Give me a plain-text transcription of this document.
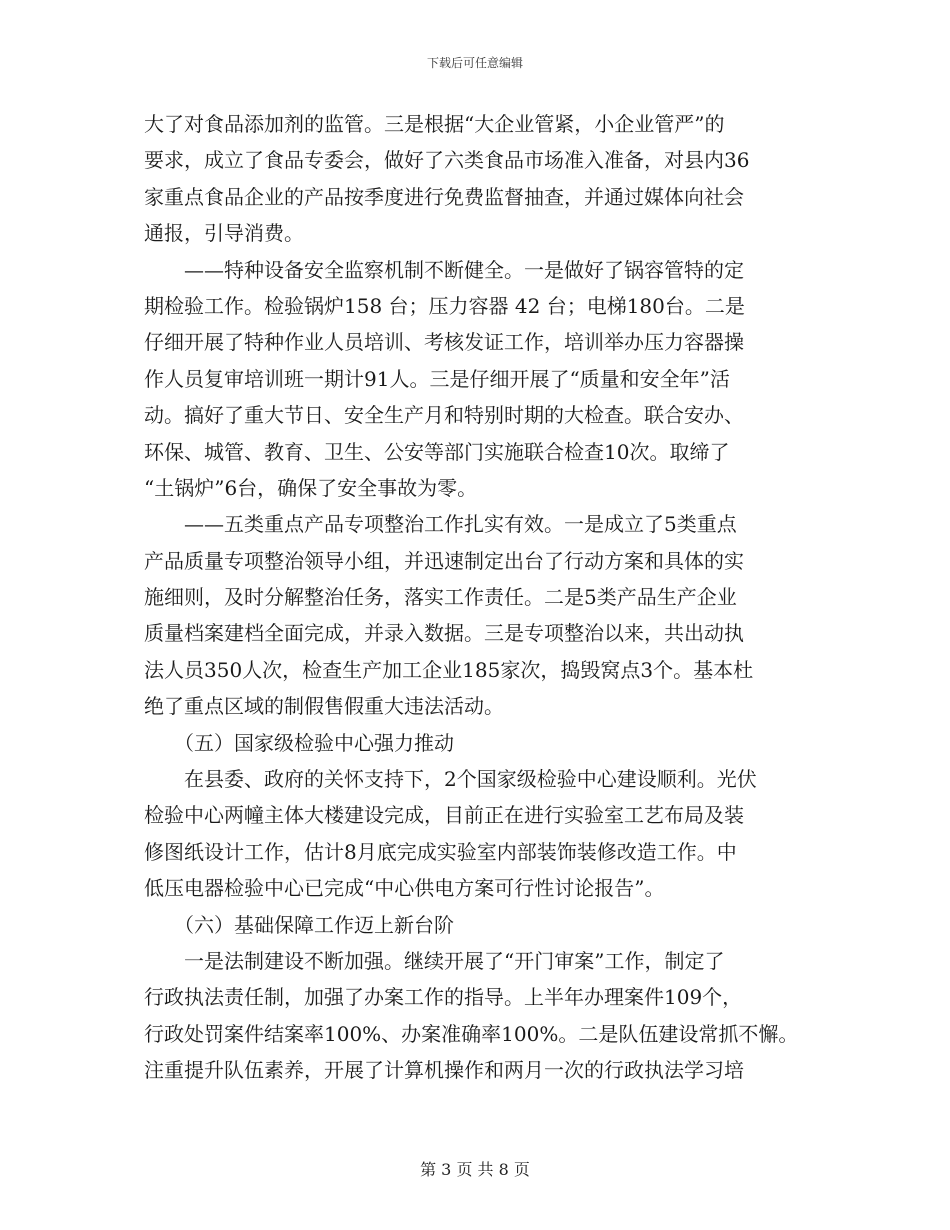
下载后可任意编辑
大了对食品添加剂的监管。三是根据“大企业管紧，小企业管严”的
要求，成立了食品专委会，做好了六类食品市场准入准备，对县内36
家重点食品企业的产品按季度进行免费监督抽查，并通过媒体向社会
通报，引导消费。
　　——特种设备安全监察机制不断健全。一是做好了锅容管特的定
期检验工作。检验锅炉158 台；压力容器 42 台；电梯180台。二是
仔细开展了特种作业人员培训、考核发证工作，培训举办压力容器操
作人员复审培训班一期计91人。三是仔细开展了“质量和安全年”活
动。搞好了重大节日、安全生产月和特别时期的大检查。联合安办、
环保、城管、教育、卫生、公安等部门实施联合检查10次。取缔了
“土锅炉”6台，确保了安全事故为零。
　　——五类重点产品专项整治工作扎实有效。一是成立了5类重点
产品质量专项整治领导小组，并迅速制定出台了行动方案和具体的实
施细则，及时分解整治任务，落实工作责任。二是5类产品生产企业
质量档案建档全面完成，并录入数据。三是专项整治以来，共出动执
法人员350人次，检查生产加工企业185家次，捣毁窝点3个。基本杜
绝了重点区域的制假售假重大违法活动。
　　（五）国家级检验中心强力推动
　　在县委、政府的关怀支持下，2个国家级检验中心建设顺利。光伏
检验中心两幢主体大楼建设完成，目前正在进行实验室工艺布局及装
修图纸设计工作，估计8月底完成实验室内部装饰装修改造工作。中
低压电器检验中心已完成“中心供电方案可行性讨论报告”。
　　（六）基础保障工作迈上新台阶
　　一是法制建设不断加强。继续开展了“开门审案”工作，制定了
行政执法责任制，加强了办案工作的指导。上半年办理案件109个，
行政处罚案件结案率100%、办案准确率100%。二是队伍建设常抓不懈。
注重提升队伍素养，开展了计算机操作和两月一次的行政执法学习培
第 3 页 共 8 页
